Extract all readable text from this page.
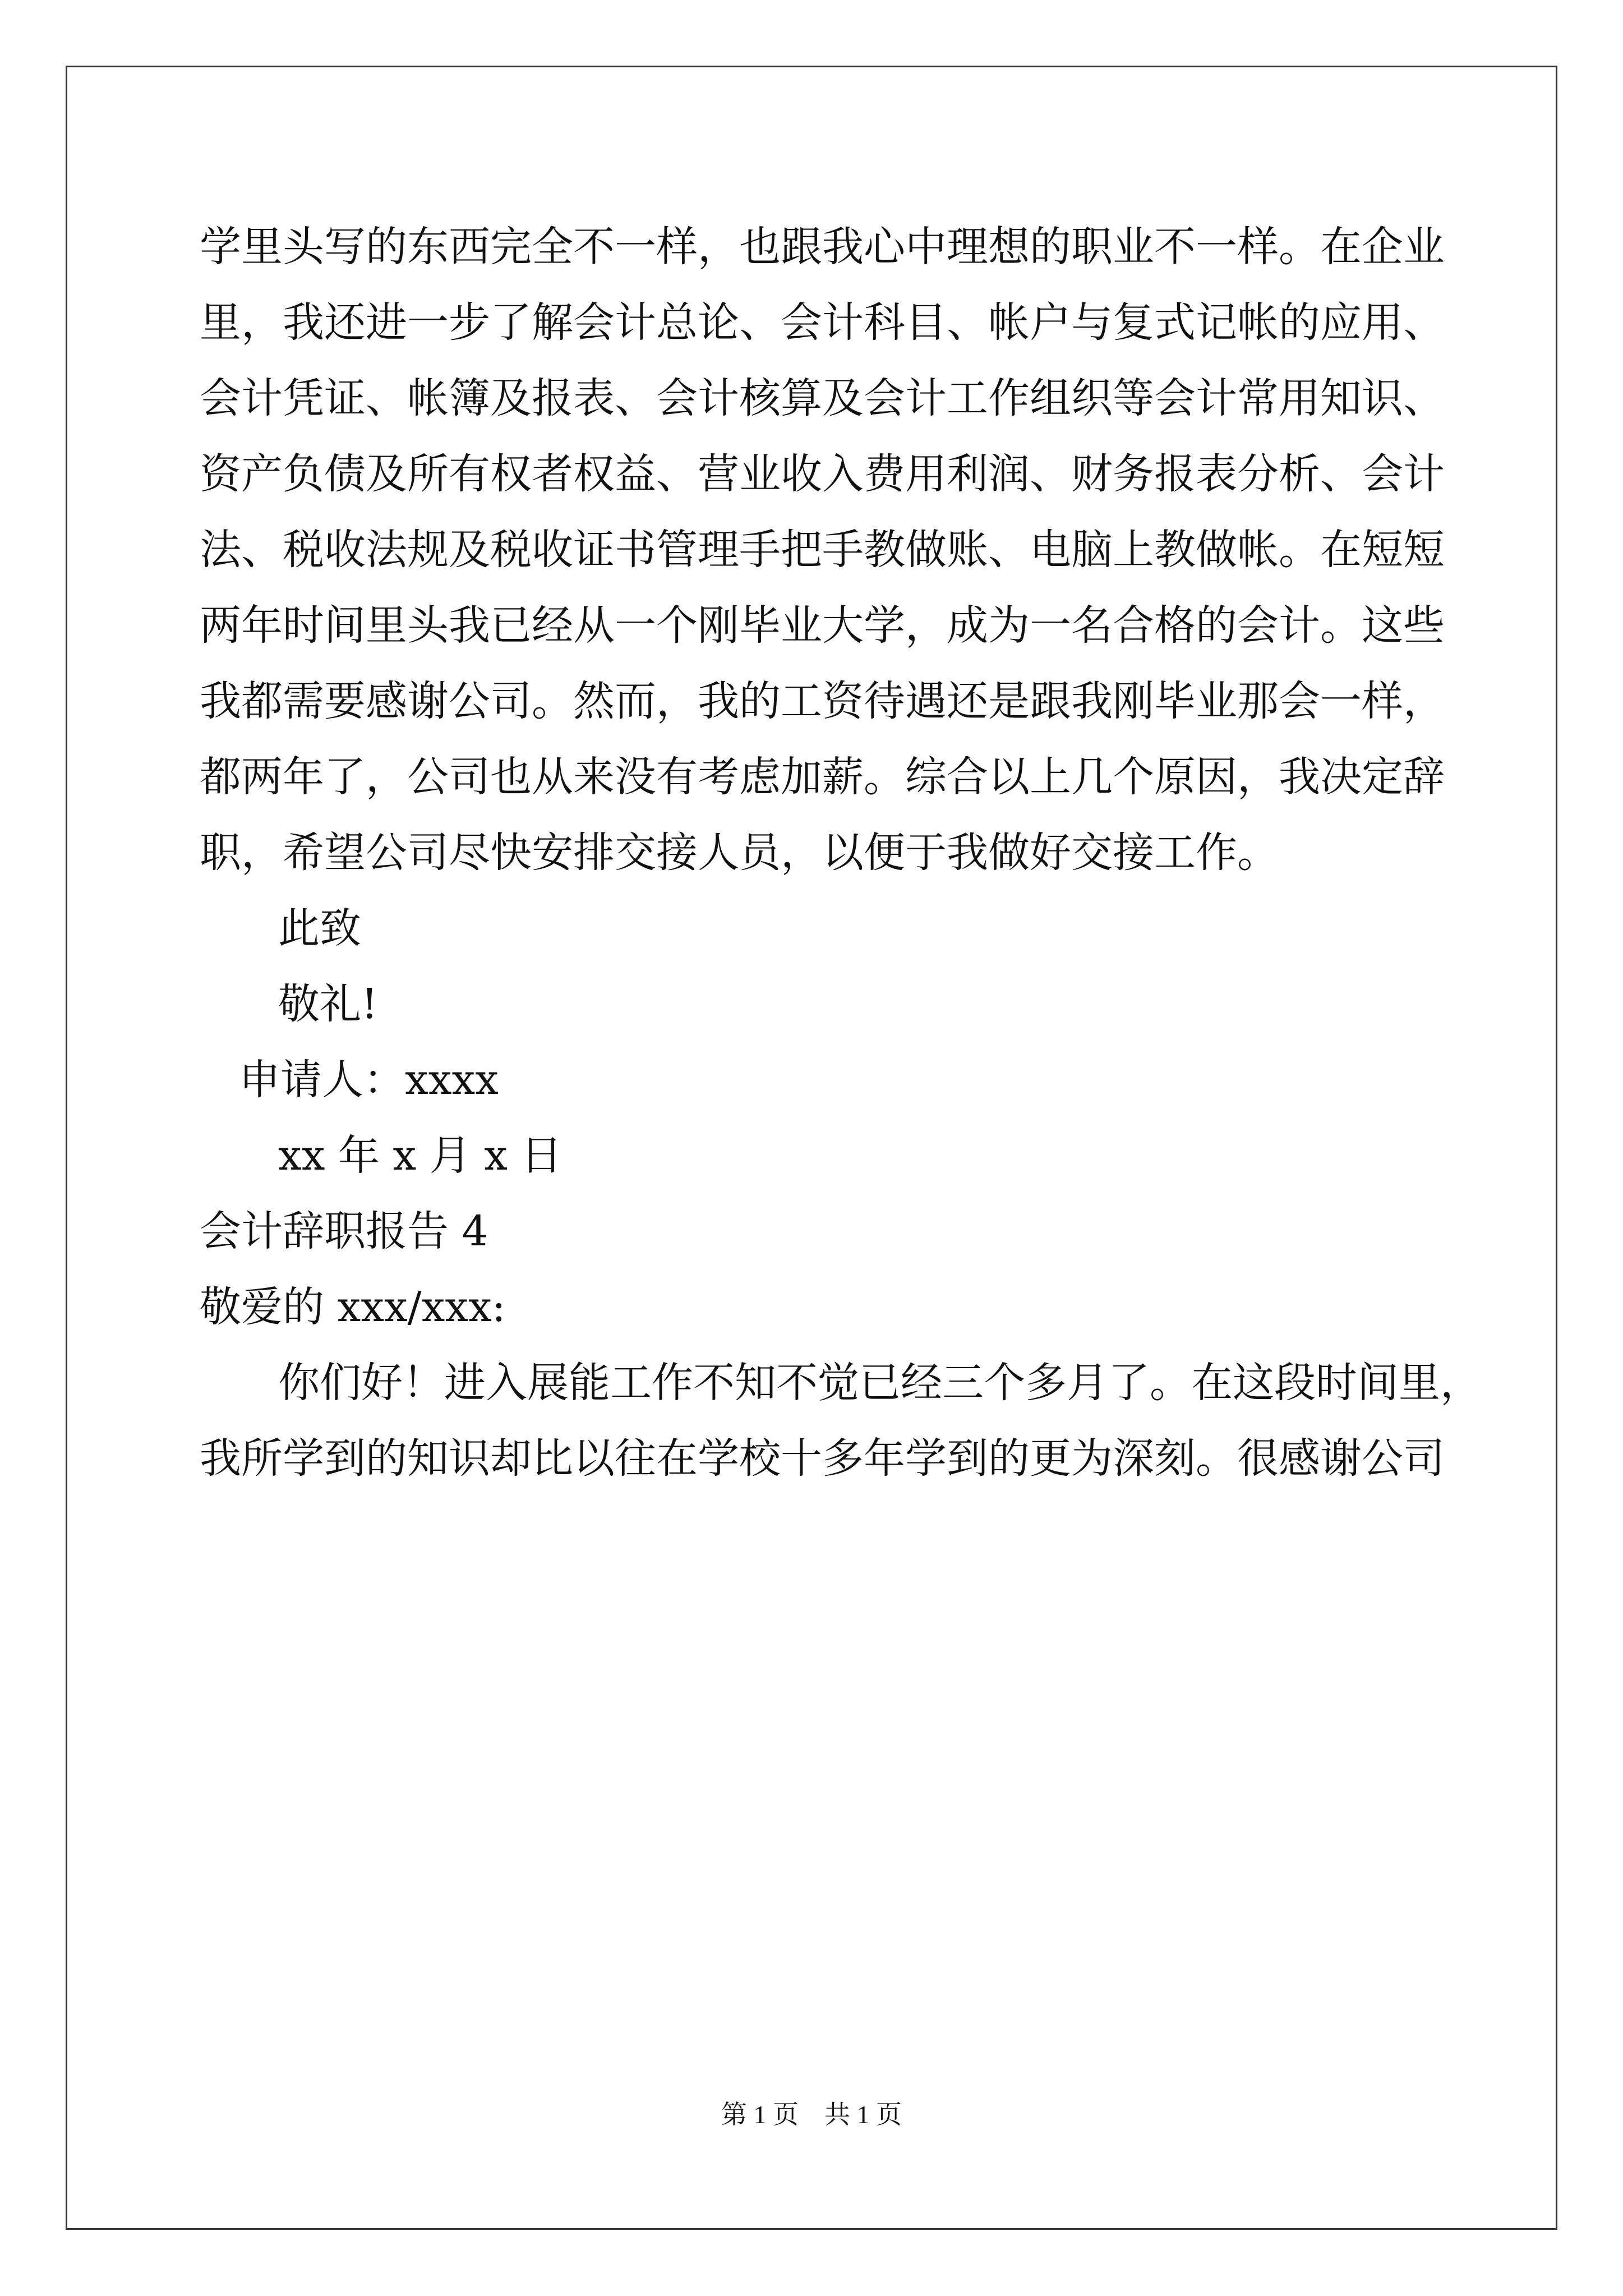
学里头写的东西完全不一样，也跟我心中理想的职业不一样。在企业
里，我还进一步了解会计总论、会计科目、帐户与复式记帐的应用、
会计凭证、帐簿及报表、会计核算及会计工作组织等会计常用知识、
资产负债及所有权者权益、营业收入费用利润、财务报表分析、会计
法、税收法规及税收证书管理手把手教做账、电脑上教做帐。在短短
两年时间里头我已经从一个刚毕业大学，成为一名合格的会计。这些
我都需要感谢公司。然而，我的工资待遇还是跟我刚毕业那会一样，
都两年了，公司也从来没有考虑加薪。综合以上几个原因，我决定辞
职，希望公司尽快安排交接人员，以便于我做好交接工作。
此致
敬礼!
申请人：xxxx
xx 年 x 月 x 日
会计辞职报告 4
敬爱的 xxx/xxx:
你们好！进入展能工作不知不觉已经三个多月了。在这段时间里，
我所学到的知识却比以往在学校十多年学到的更为深刻。很感谢公司
第 1 页　共 1 页
